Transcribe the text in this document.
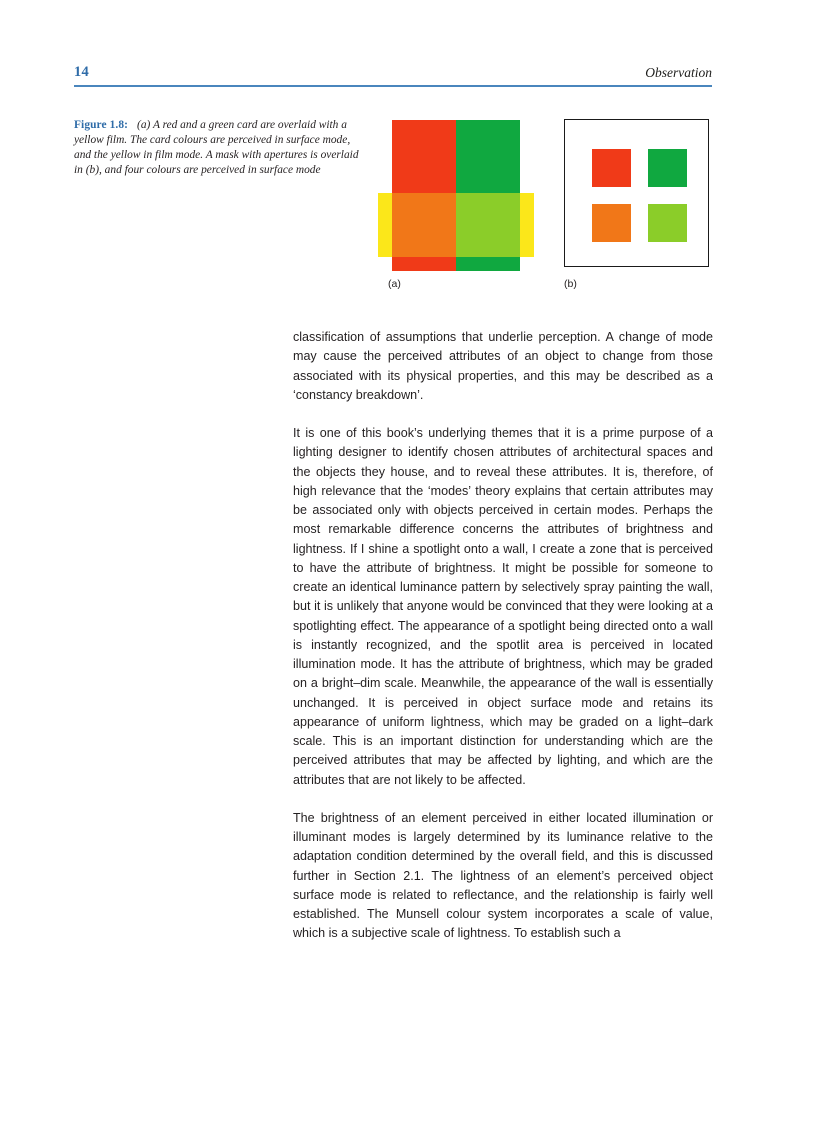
14	Observation
Figure 1.8: (a) A red and a green card are overlaid with a yellow film. The card colours are perceived in surface mode, and the yellow in film mode. A mask with apertures is overlaid in (b), and four colours are perceived in surface mode
(a)	(b)

classification of assumptions that underlie perception. A change of mode may cause the perceived attributes of an object to change from those associated with its physical properties, and this may be described as a ‘constancy breakdown’.

It is one of this book’s underlying themes that it is a prime purpose of a lighting designer to identify chosen attributes of architectural spaces and the objects they house, and to reveal these attributes. It is, therefore, of high relevance that the ‘modes’ theory explains that certain attributes may be associated only with objects perceived in certain modes. Perhaps the most remarkable difference concerns the attributes of brightness and lightness. If I shine a spotlight onto a wall, I create a zone that is perceived to have the attribute of brightness. It might be possible for someone to create an identical luminance pattern by selectively spray painting the wall, but it is unlikely that anyone would be convinced that they were looking at a spotlighting effect. The appearance of a spotlight being directed onto a wall is instantly recognized, and the spotlit area is perceived in located illumination mode. It has the attribute of brightness, which may be graded on a bright–dim scale. Meanwhile, the appearance of the wall is essentially unchanged. It is perceived in object surface mode and retains its appearance of uniform lightness, which may be graded on a light–dark scale. This is an important distinction for understanding which are the perceived attributes that may be affected by lighting, and which are the attributes that are not likely to be affected.

The brightness of an element perceived in either located illumination or illuminant modes is largely determined by its luminance relative to the adaptation condition determined by the overall field, and this is discussed further in Section 2.1. The lightness of an element’s perceived object surface mode is related to reflectance, and the relationship is fairly well established. The Munsell colour system incorporates a scale of value, which is a subjective scale of lightness. To establish such a
